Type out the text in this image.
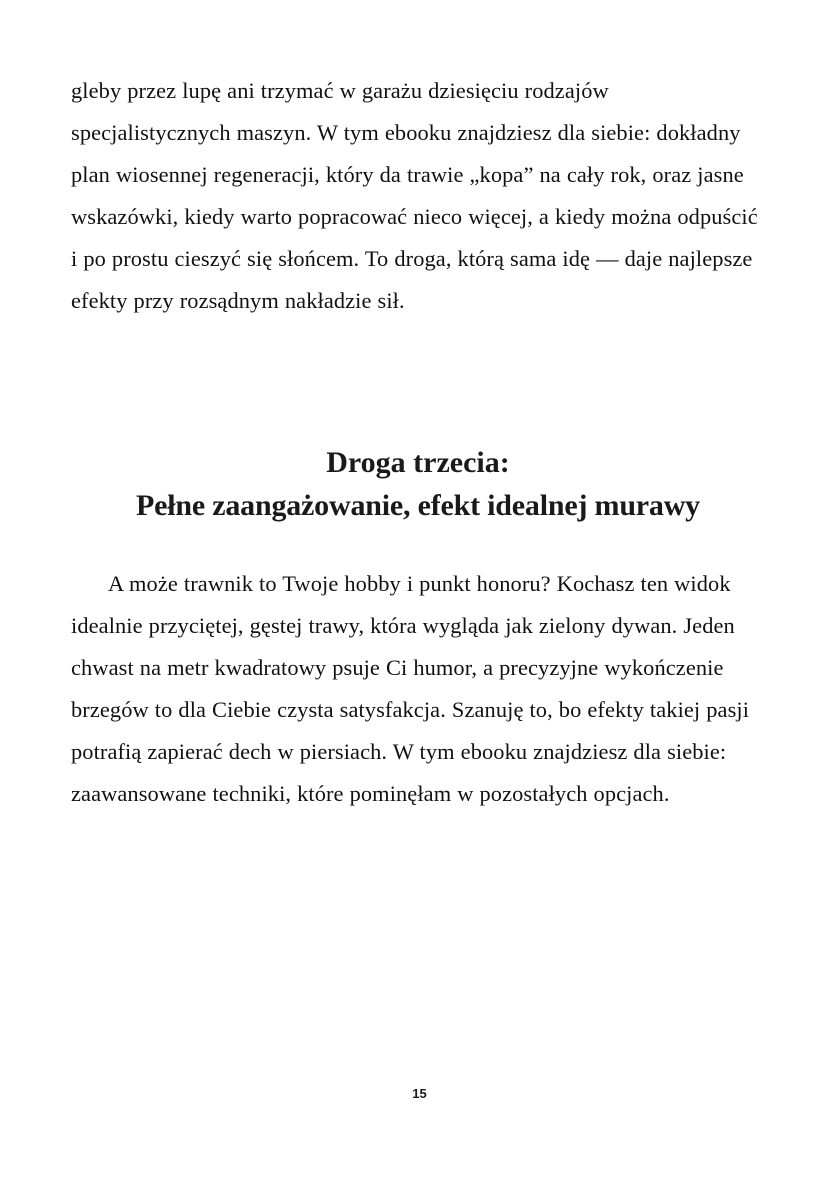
gleby przez lupę ani trzymać w garażu dziesięciu rodzajów specjalistycznych maszyn. W tym ebooku znajdziesz dla siebie: dokładny plan wiosennej regeneracji, który da trawie „kopa” na cały rok, oraz jasne wskazówki, kiedy warto popracować nieco więcej, a kiedy można odpuścić i po prostu cieszyć się słońcem. To droga, którą sama idę — daje najlepsze efekty przy rozsądnym nakładzie sił.

Droga trzecia:
Pełne zaangażowanie, efekt idealnej murawy

A może trawnik to Twoje hobby i punkt honoru? Kochasz ten widok idealnie przyciętej, gęstej trawy, która wygląda jak zielony dywan. Jeden chwast na metr kwadratowy psuje Ci humor, a precyzyjne wykończenie brzegów to dla Ciebie czysta satysfakcja. Szanuję to, bo efekty takiej pasji potrafią zapierać dech w piersiach. W tym ebooku znajdziesz dla siebie: zaawansowane techniki, które pominęłam w pozostałych opcjach.

15
